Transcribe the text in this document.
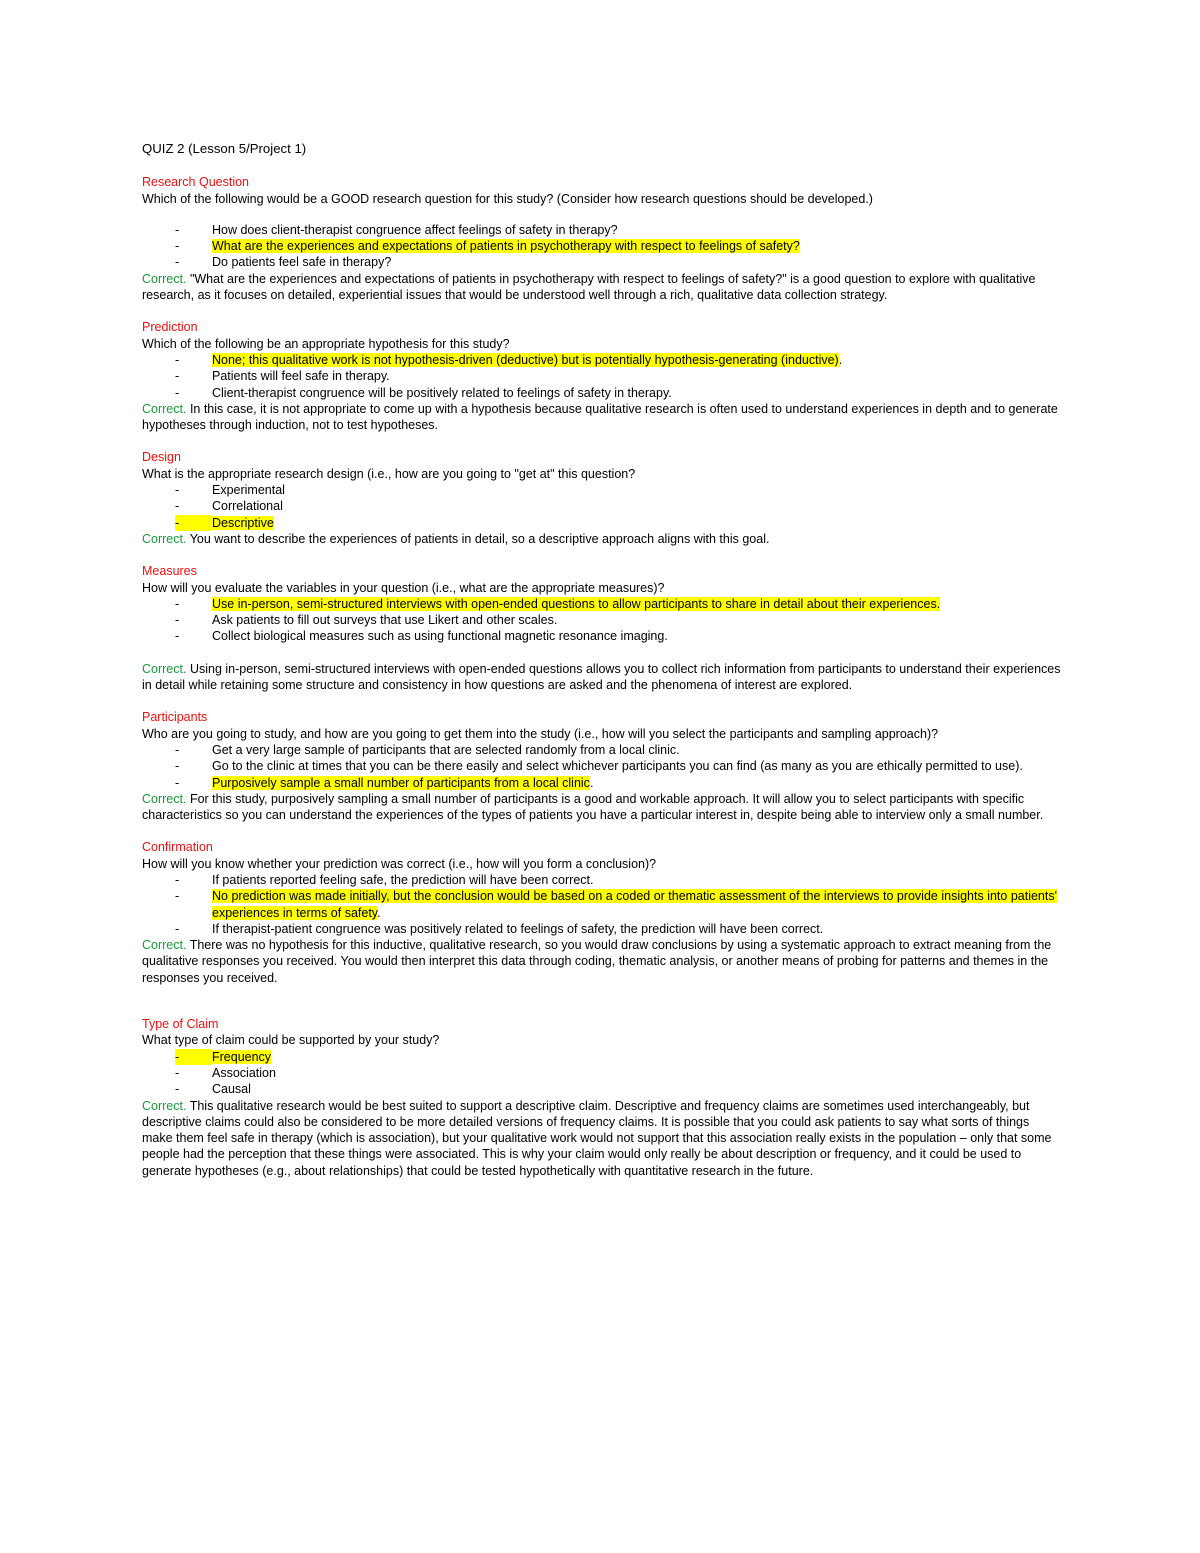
QUIZ 2 (Lesson 5/Project 1)
Research Question
Which of the following would be a GOOD research question for this study? (Consider how research questions should be developed.)
-	How does client-therapist congruence affect feelings of safety in therapy?
-	What are the experiences and expectations of patients in psychotherapy with respect to feelings of safety?
-	Do patients feel safe in therapy?
Correct. "What are the experiences and expectations of patients in psychotherapy with respect to feelings of safety?" is a good question to explore with qualitative research, as it focuses on detailed, experiential issues that would be understood well through a rich, qualitative data collection strategy.
Prediction
Which of the following be an appropriate hypothesis for this study?
-	None; this qualitative work is not hypothesis-driven (deductive) but is potentially hypothesis-generating (inductive).
-	Patients will feel safe in therapy.
-	Client-therapist congruence will be positively related to feelings of safety in therapy.
Correct. In this case, it is not appropriate to come up with a hypothesis because qualitative research is often used to understand experiences in depth and to generate hypotheses through induction, not to test hypotheses.
Design
What is the appropriate research design (i.e., how are you going to "get at" this question?
-	Experimental
-	Correlational
-	Descriptive
Correct. You want to describe the experiences of patients in detail, so a descriptive approach aligns with this goal.
Measures
How will you evaluate the variables in your question (i.e., what are the appropriate measures)?
-	Use in-person, semi-structured interviews with open-ended questions to allow participants to share in detail about their experiences.
-	Ask patients to fill out surveys that use Likert and other scales.
-	Collect biological measures such as using functional magnetic resonance imaging.
Correct. Using in-person, semi-structured interviews with open-ended questions allows you to collect rich information from participants to understand their experiences in detail while retaining some structure and consistency in how questions are asked and the phenomena of interest are explored.
Participants
Who are you going to study, and how are you going to get them into the study (i.e., how will you select the participants and sampling approach)?
-	Get a very large sample of participants that are selected randomly from a local clinic.
-	Go to the clinic at times that you can be there easily and select whichever participants you can find (as many as you are ethically permitted to use).
-	Purposively sample a small number of participants from a local clinic.
Correct. For this study, purposively sampling a small number of participants is a good and workable approach. It will allow you to select participants with specific characteristics so you can understand the experiences of the types of patients you have a particular interest in, despite being able to interview only a small number.
Confirmation
How will you know whether your prediction was correct (i.e., how will you form a conclusion)?
-	If patients reported feeling safe, the prediction will have been correct.
-	No prediction was made initially, but the conclusion would be based on a coded or thematic assessment of the interviews to provide insights into patients' experiences in terms of safety.
-	If therapist-patient congruence was positively related to feelings of safety, the prediction will have been correct.
Correct. There was no hypothesis for this inductive, qualitative research, so you would draw conclusions by using a systematic approach to extract meaning from the qualitative responses you received. You would then interpret this data through coding, thematic analysis, or another means of probing for patterns and themes in the responses you received.
Type of Claim
What type of claim could be supported by your study?
-	Frequency
-	Association
-	Causal
Correct. This qualitative research would be best suited to support a descriptive claim. Descriptive and frequency claims are sometimes used interchangeably, but descriptive claims could also be considered to be more detailed versions of frequency claims. It is possible that you could ask patients to say what sorts of things make them feel safe in therapy (which is association), but your qualitative work would not support that this association really exists in the population – only that some people had the perception that these things were associated. This is why your claim would only really be about description or frequency, and it could be used to generate hypotheses (e.g., about relationships) that could be tested hypothetically with quantitative research in the future.
